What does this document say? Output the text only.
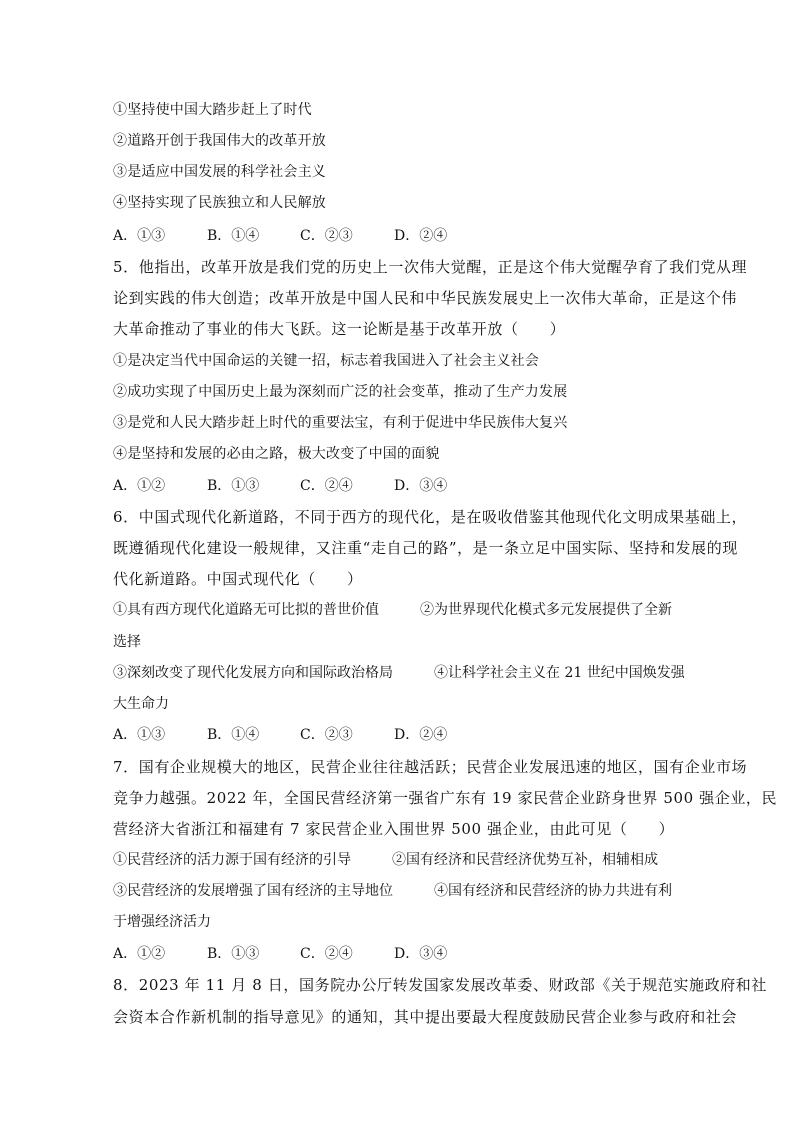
①坚持使中国大踏步赶上了时代
②道路开创于我国伟大的改革开放
③是适应中国发展的科学社会主义
④坚持实现了民族独立和人民解放
A．①③	B．①④	C．②③	D．②④
5．他指出，改革开放是我们党的历史上一次伟大觉醒，正是这个伟大觉醒孕育了我们党从理
论到实践的伟大创造；改革开放是中国人民和中华民族发展史上一次伟大革命，正是这个伟
大革命推动了事业的伟大飞跃。这一论断是基于改革开放（　　）
①是决定当代中国命运的关键一招，标志着我国进入了社会主义社会
②成功实现了中国历史上最为深刻而广泛的社会变革，推动了生产力发展
③是党和人民大踏步赶上时代的重要法宝，有利于促进中华民族伟大复兴
④是坚持和发展的必由之路，极大改变了中国的面貌
A．①②	B．①③	C．②④	D．③④
6．中国式现代化新道路，不同于西方的现代化，是在吸收借鉴其他现代化文明成果基础上，
既遵循现代化建设一般规律，又注重“走自己的路”，是一条立足中国实际、坚持和发展的现
代化新道路。中国式现代化（　　）
①具有西方现代化道路无可比拟的普世价值	②为世界现代化模式多元发展提供了全新
选择
③深刻改变了现代化发展方向和国际政治格局	④让科学社会主义在 21 世纪中国焕发强
大生命力
A．①③	B．①④	C．②③	D．②④
7．国有企业规模大的地区，民营企业往往越活跃；民营企业发展迅速的地区，国有企业市场
竞争力越强。2022 年，全国民营经济第一强省广东有 19 家民营企业跻身世界 500 强企业，民
营经济大省浙江和福建有 7 家民营企业入围世界 500 强企业，由此可见（　　）
①民营经济的活力源于国有经济的引导	②国有经济和民营经济优势互补，相辅相成
③民营经济的发展增强了国有经济的主导地位	④国有经济和民营经济的协力共进有利
于增强经济活力
A．①②	B．①③	C．②④	D．③④
8．2023 年 11 月 8 日，国务院办公厅转发国家发展改革委、财政部《关于规范实施政府和社
会资本合作新机制的指导意见》的通知，其中提出要最大程度鼓励民营企业参与政府和社会
